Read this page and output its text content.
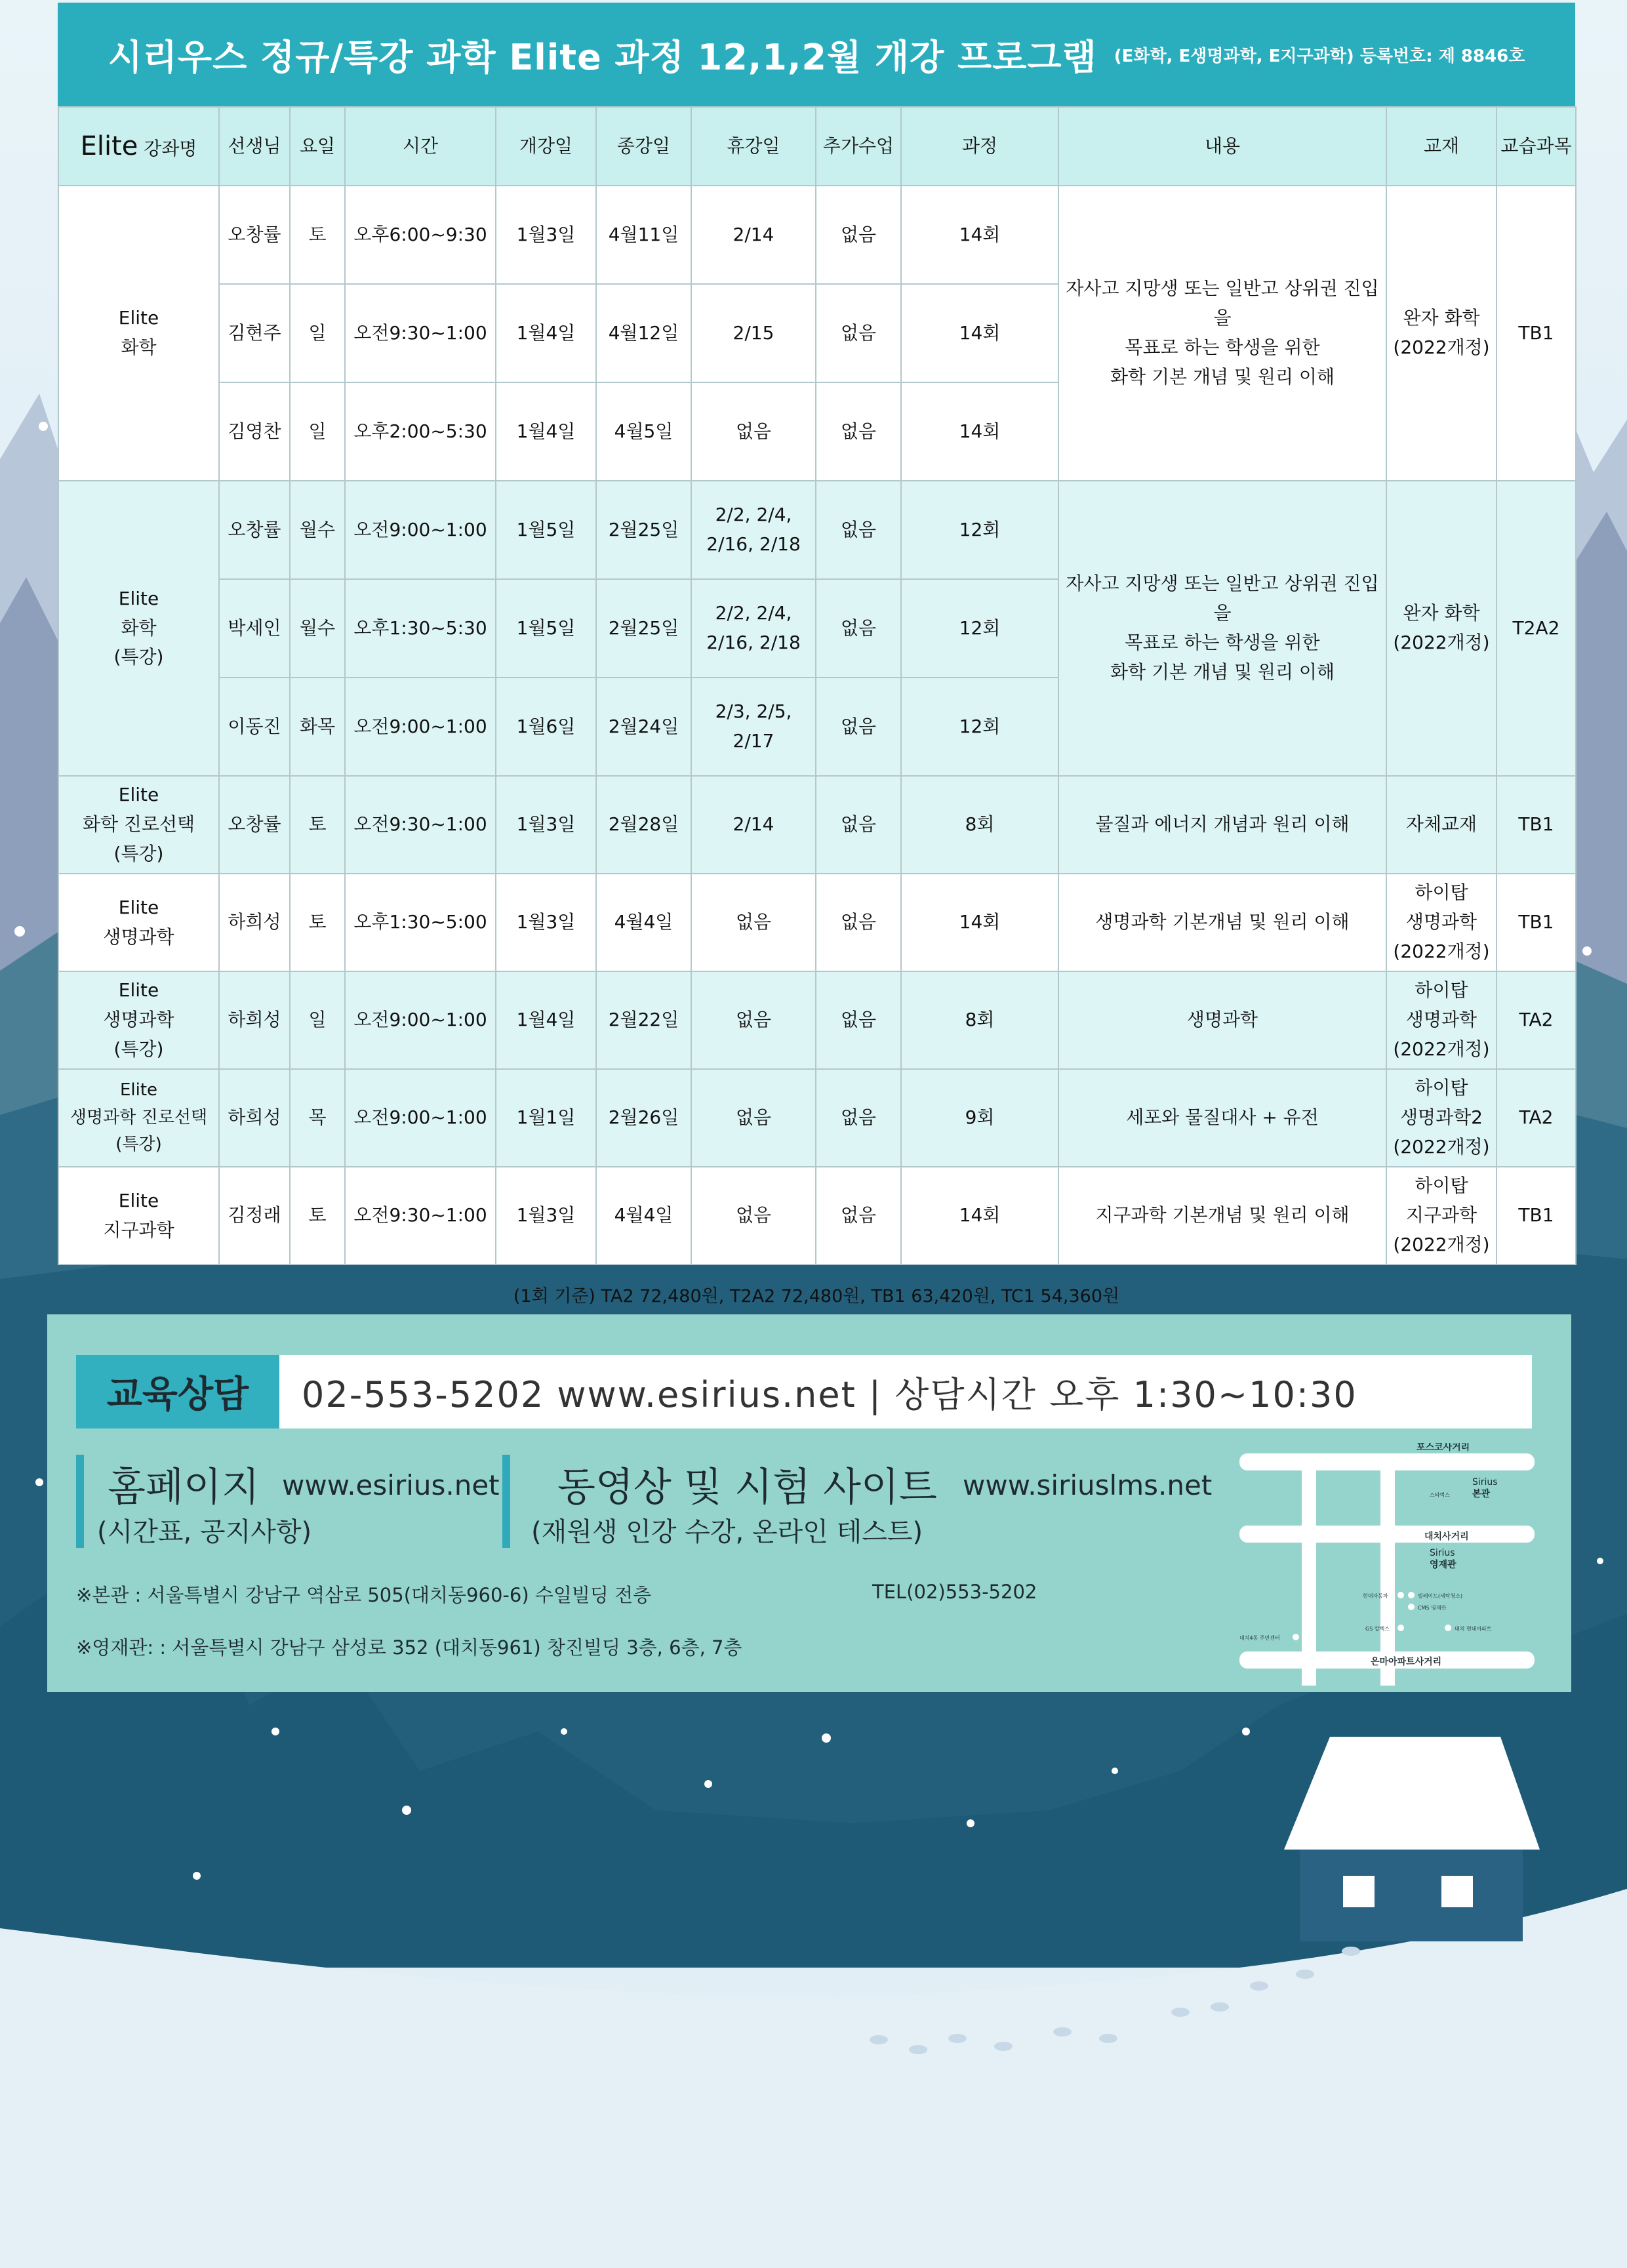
시리우스 정규/특강 과학 Elite 과정 12,1,2월 개강 프로그램 (E화학, E생명과학, E지구과학) 등록번호: 제 8846호
Elite 강좌명	선생님	요일	시간	개강일	종강일	휴강일	추가수업	과정	내용	교재	교습과목
Elite
화학	오창률	토	오후6:00~9:30	1월3일	4월11일	2/14	없음	14회	자사고 지망생 또는 일반고 상위권 진입을
목표로 하는 학생을 위한
화학 기본 개념 및 원리 이해	완자 화학
(2022개정)	TB1
	김현주	일	오전9:30~1:00	1월4일	4월12일	2/15	없음	14회			
	김영찬	일	오후2:00~5:30	1월4일	4월5일	없음	없음	14회			
Elite
화학
(특강)	오창률	월수	오전9:00~1:00	1월5일	2월25일	2/2, 2/4,
2/16, 2/18	없음	12회	자사고 지망생 또는 일반고 상위권 진입을
목표로 하는 학생을 위한
화학 기본 개념 및 원리 이해	완자 화학
(2022개정)	T2A2
	박세인	월수	오후1:30~5:30	1월5일	2월25일	2/2, 2/4,
2/16, 2/18	없음	12회			
	이동진	화목	오전9:00~1:00	1월6일	2월24일	2/3, 2/5,
2/17	없음	12회			
Elite
화학 진로선택
(특강)	오창률	토	오전9:30~1:00	1월3일	2월28일	2/14	없음	8회	물질과 에너지 개념과 원리 이해	자체교재	TB1
Elite
생명과학	하희성	토	오후1:30~5:00	1월3일	4월4일	없음	없음	14회	생명과학 기본개념 및 원리 이해	하이탑
생명과학
(2022개정)	TB1
Elite
생명과학
(특강)	하희성	일	오전9:00~1:00	1월4일	2월22일	없음	없음	8회	생명과학	하이탑
생명과학
(2022개정)	TA2
Elite
생명과학 진로선택
(특강)	하희성	목	오전9:00~1:00	1월1일	2월26일	없음	없음	9회	세포와 물질대사 + 유전	하이탑
생명과학2
(2022개정)	TA2
Elite
지구과학	김정래	토	오전9:30~1:00	1월3일	4월4일	없음	없음	14회	지구과학 기본개념 및 원리 이해	하이탑
지구과학
(2022개정)	TB1
(1회 기준) TA2 72,480원, T2A2 72,480원, TB1 63,420원, TC1 54,360원
교육상담	02-553-5202 www.esirius.net | 상담시간 오후 1:30~10:30
홈페이지 www.esirius.net
(시간표, 공지사항)
동영상 및 시험 사이트 www.siriuslms.net
(재원생 인강 수강, 온라인 테스트)
※본관 : 서울특별시 강남구 역삼로 505(대치동960-6) 수일빌딩 전층	TEL(02)553-5202
※영재관: : 서울특별시 강남구 삼성로 352 (대치동961) 창진빌딩 3층, 6층, 7층
포스코사거리
대치사거리
은마아파트사거리
Sirius
본관
스타벅스
Sirius
영재관
현대자동차	빌레이드(세탁청소)
CMS 영재관
GS 칼텍스	대치 현대아파트
대치4동 주민센터
